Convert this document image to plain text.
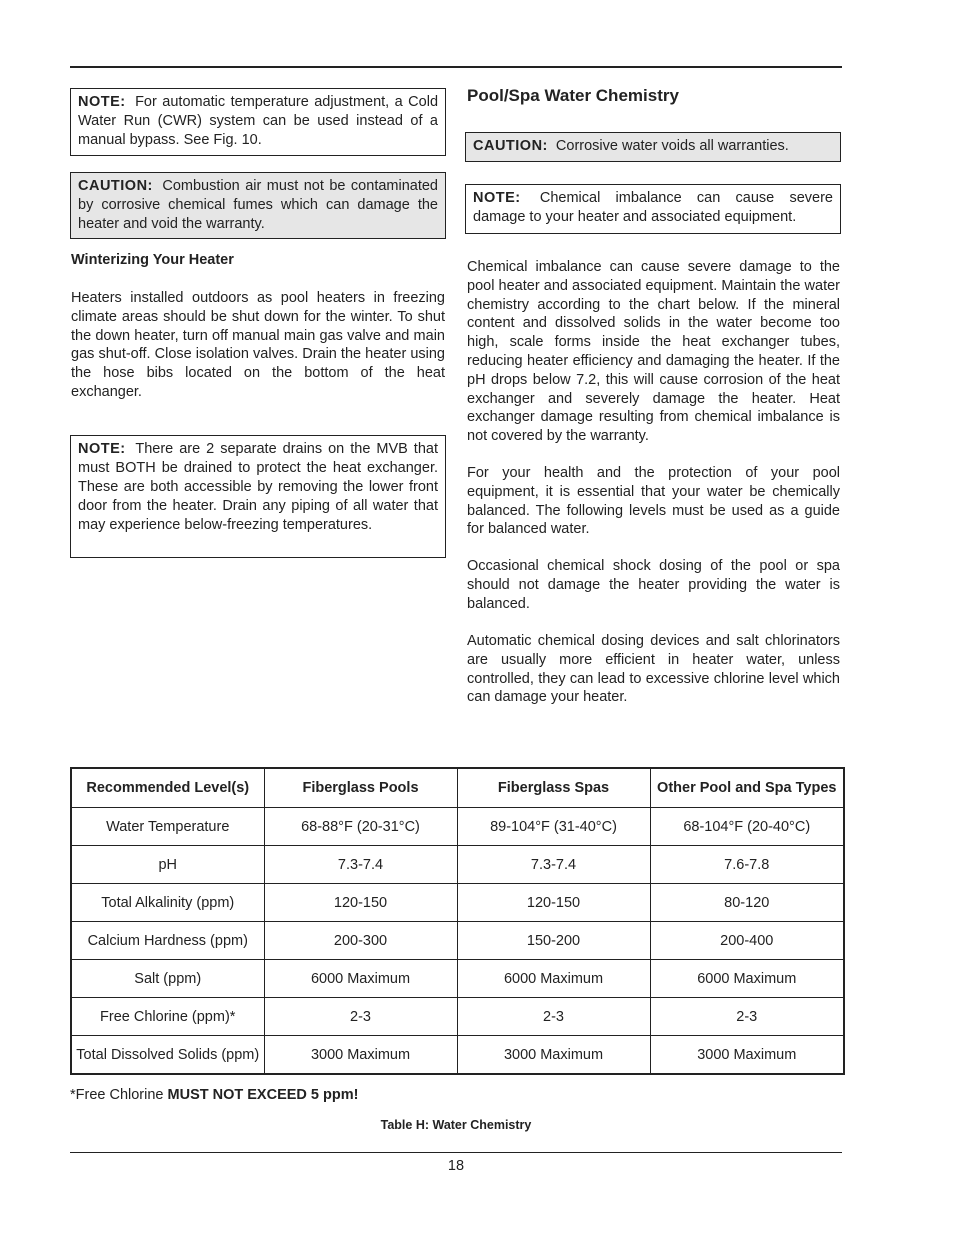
NOTE: For automatic temperature adjustment, a Cold Water Run (CWR) system can be used instead of a manual bypass. See Fig. 10.
CAUTION: Combustion air must not be contaminated by corrosive chemical fumes which can damage the heater and void the warranty.
Winterizing Your Heater
Heaters installed outdoors as pool heaters in freezing climate areas should be shut down for the winter. To shut the down heater, turn off manual main gas valve and main gas shut-off. Close isolation valves. Drain the heater using the hose bibs located on the bottom of the heat exchanger.
NOTE: There are 2 separate drains on the MVB that must BOTH be drained to protect the heat exchanger. These are both accessible by removing the lower front door from the heater. Drain any piping of all water that may experience below-freezing temperatures.
Pool/Spa Water Chemistry
CAUTION: Corrosive water voids all warranties.
NOTE: Chemical imbalance can cause severe damage to your heater and associated equipment.
Chemical imbalance can cause severe damage to the pool heater and associated equipment. Maintain the water chemistry according to the chart below. If the mineral content and dissolved solids in the water become too high, scale forms inside the heat exchanger tubes, reducing heater efficiency and damaging the heater. If the pH drops below 7.2, this will cause corrosion of the heat exchanger and severely damage the heater. Heat exchanger damage resulting from chemical imbalance is not covered by the warranty.
For your health and the protection of your pool equipment, it is essential that your water be chemically balanced. The following levels must be used as a guide for balanced water.
Occasional chemical shock dosing of the pool or spa should not damage the heater providing the water is balanced.
Automatic chemical dosing devices and salt chlorinators are usually more efficient in heater water, unless controlled, they can lead to excessive chlorine level which can damage your heater.
Recommended Level(s)	Fiberglass Pools	Fiberglass Spas	Other Pool and Spa Types
Water Temperature	68-88°F (20-31°C)	89-104°F (31-40°C)	68-104°F (20-40°C)
pH	7.3-7.4	7.3-7.4	7.6-7.8
Total Alkalinity (ppm)	120-150	120-150	80-120
Calcium Hardness (ppm)	200-300	150-200	200-400
Salt (ppm)	6000 Maximum	6000 Maximum	6000 Maximum
Free Chlorine (ppm)*	2-3	2-3	2-3
Total Dissolved Solids (ppm)	3000 Maximum	3000 Maximum	3000 Maximum
*Free Chlorine MUST NOT EXCEED 5 ppm!
Table H: Water Chemistry
18
